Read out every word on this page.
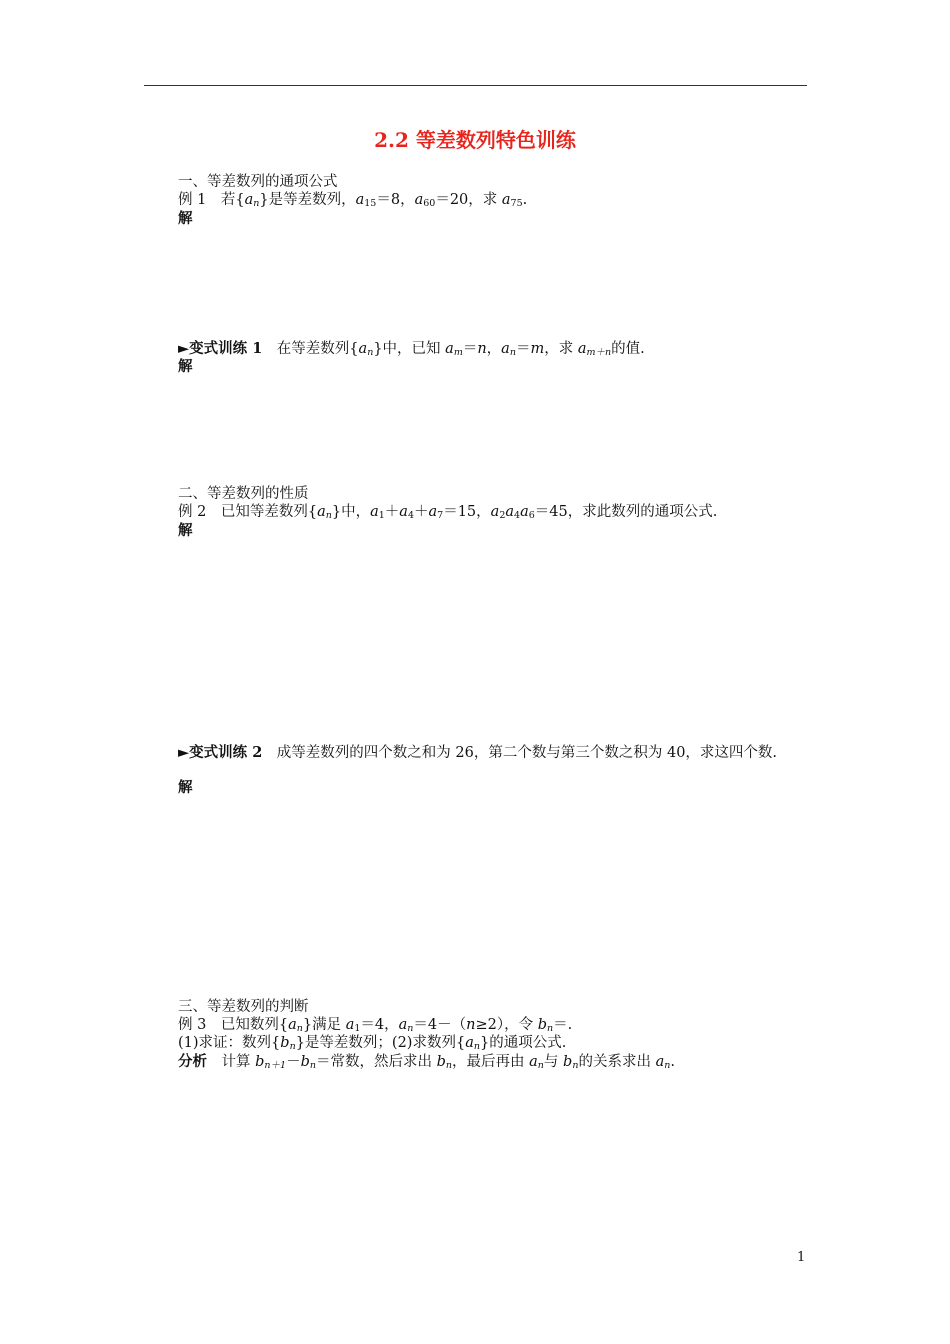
2.2 等差数列特色训练
一、等差数列的通项公式
例 1　 若$\{a_n\}$是等差数列，$a_{15}=8$，$a_{60}=20$，求 $a_{75}$.
解
►变式训练 1　 在等差数列$\{a_n\}$中，已知 $a_m=n$，$a_n=m$，求 $a_{m+n}$的值.
解
二、等差数列的性质
例 2　 已知等差数列$\{a_n\}$中，$a_1+a_4+a_7=15$，$a_2a_4a_6=45$，求此数列的通项公式.
解
►变式训练 2　 成等差数列的四个数之和为 26，第二个数与第三个数之积为 40，求这四个数.
解
三、等差数列的判断
例 3　 已知数列$\{a_n\}$满足 $a_1=4$，$a_n=4-(n\ge 2)$，令 $b_n=$.
(1)求证：数列$\{b_n\}$是等差数列；(2)求数列$\{a_n\}$的通项公式.
分析　 计算 $b_{n+1}-b_n=$常数，然后求出 $b_n$，最后再由 $a_n$与 $b_n$的关系求出 $a_n$.
1
